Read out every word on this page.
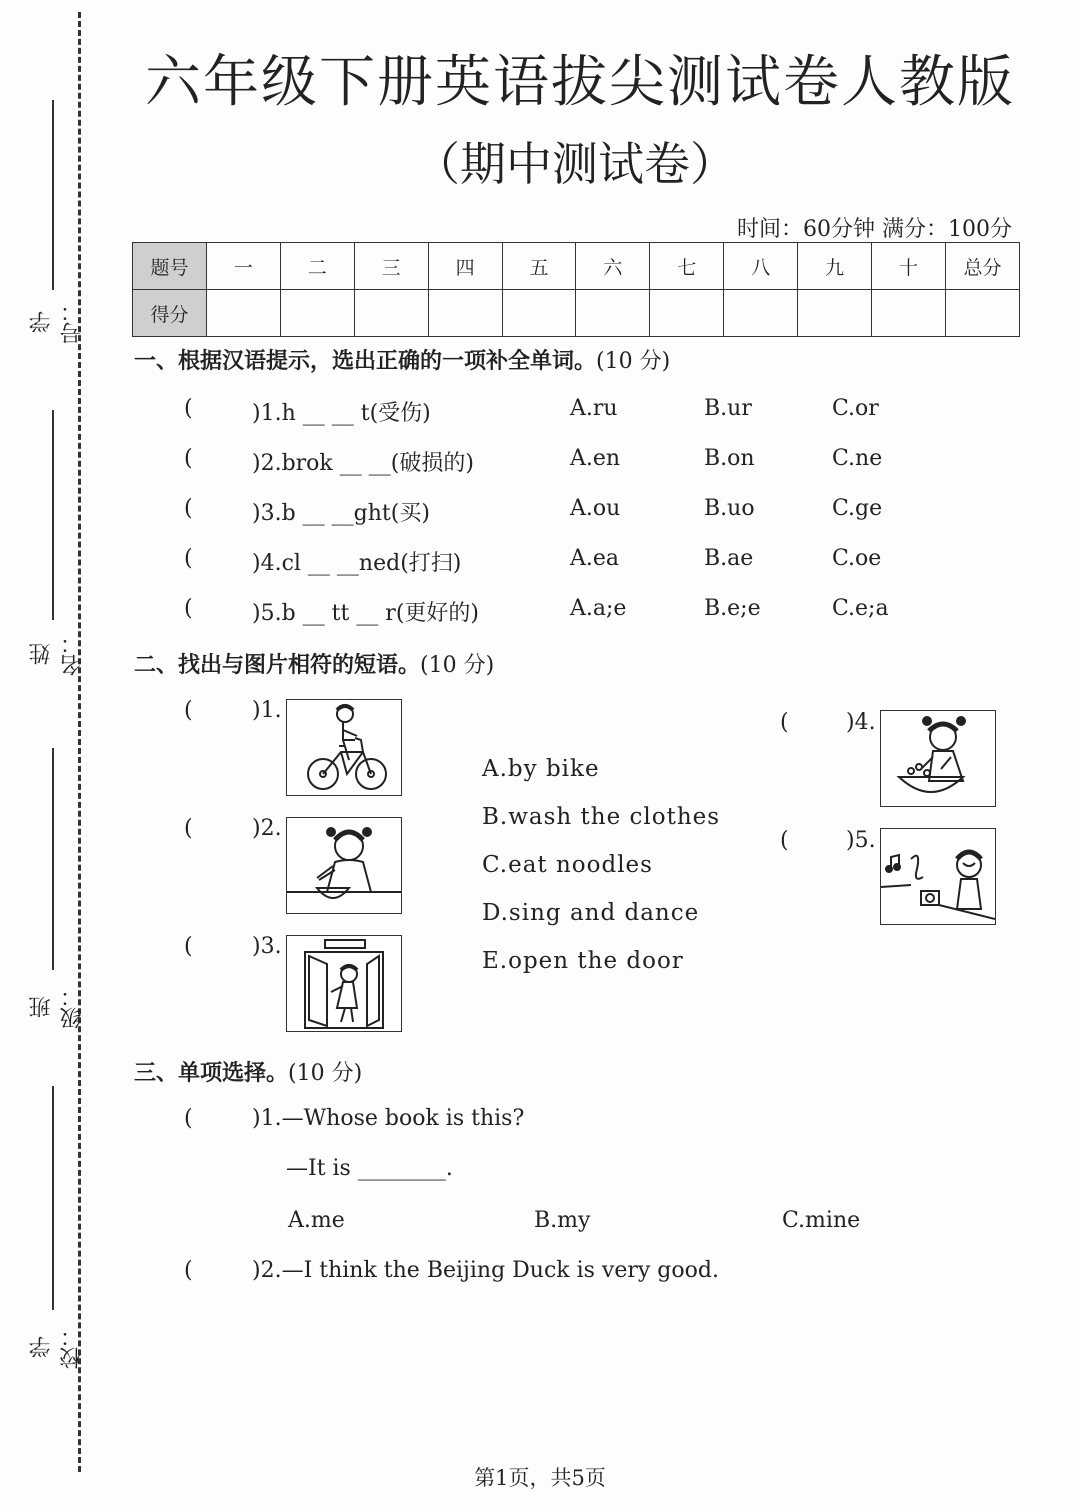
学号：
姓名：
班级：
学校：
六年级下册英语拔尖测试卷人教版
（期中测试卷）
时间：60分钟 满分：100分
题号	一	二	三	四	五	六	七	八	九	十	总分
得分											
一、根据汉语提示，选出正确的一项补全单词。(10 分)
(	)1.h __ __ t(受伤)	A.ru	B.ur	C.or
(	)2.brok __ __(破损的)	A.en	B.on	C.ne
(	)3.b __ __ght(买)	A.ou	B.uo	C.ge
(	)4.cl __ __ned(打扫)	A.ea	B.ae	C.oe
(	)5.b __ tt __ r(更好的)	A.a;e	B.e;e	C.e;a
二、找出与图片相符的短语。(10 分)
(	)1.
(	)2.
(	)3.
A.by bike
B.wash the clothes
C.eat noodles
D.sing and dance
E.open the door
(	)4.
(	)5.
三、单项选择。(10 分)
(	)1.—Whose book is this?
—It is ________.
A.me	B.my	C.mine
(	)2.—I think the Beijing Duck is very good.
第1页，共5页
